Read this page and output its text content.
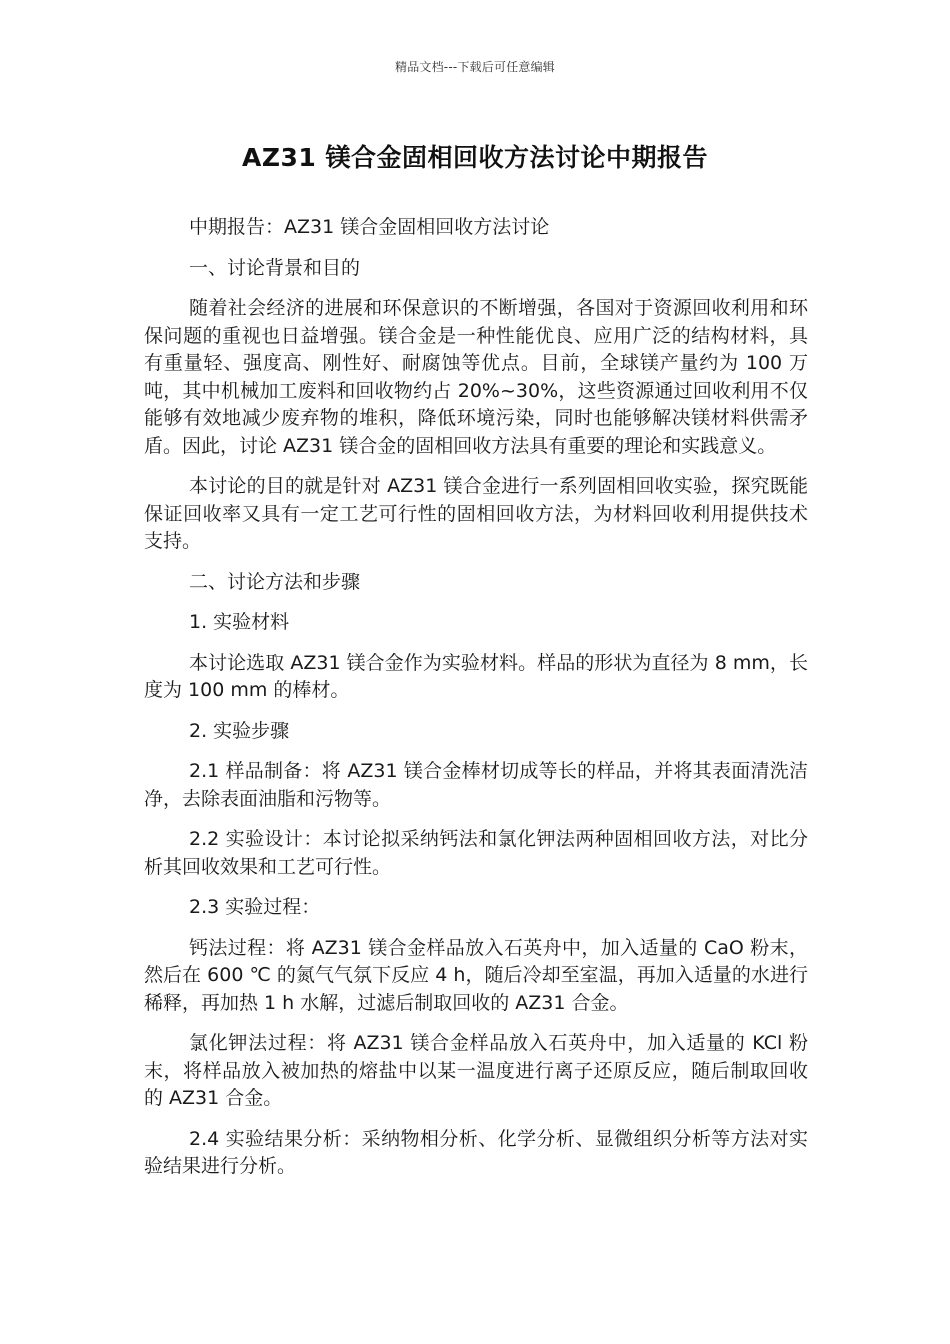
精品文档---下载后可任意编辑
AZ31 镁合金固相回收方法讨论中期报告

中期报告：AZ31 镁合金固相回收方法讨论

一、讨论背景和目的

随着社会经济的进展和环保意识的不断增强，各国对于资源回收利用和环保问题的重视也日益增强。镁合金是一种性能优良、应用广泛的结构材料，具有重量轻、强度高、刚性好、耐腐蚀等优点。目前，全球镁产量约为 100 万吨，其中机械加工废料和回收物约占 20%~30%，这些资源通过回收利用不仅能够有效地减少废弃物的堆积，降低环境污染，同时也能够解决镁材料供需矛盾。因此，讨论 AZ31 镁合金的固相回收方法具有重要的理论和实践意义。

本讨论的目的就是针对 AZ31 镁合金进行一系列固相回收实验，探究既能保证回收率又具有一定工艺可行性的固相回收方法，为材料回收利用提供技术支持。

二、讨论方法和步骤

1. 实验材料

本讨论选取 AZ31 镁合金作为实验材料。样品的形状为直径为 8 mm，长度为 100 mm 的棒材。

2. 实验步骤

2.1 样品制备：将 AZ31 镁合金棒材切成等长的样品，并将其表面清洗洁净，去除表面油脂和污物等。

2.2 实验设计：本讨论拟采纳钙法和氯化钾法两种固相回收方法，对比分析其回收效果和工艺可行性。

2.3 实验过程：

钙法过程：将 AZ31 镁合金样品放入石英舟中，加入适量的 CaO 粉末，然后在 600 ℃ 的氮气气氛下反应 4 h，随后冷却至室温，再加入适量的水进行稀释，再加热 1 h 水解，过滤后制取回收的 AZ31 合金。

氯化钾法过程：将 AZ31 镁合金样品放入石英舟中，加入适量的 KCl 粉末，将样品放入被加热的熔盐中以某一温度进行离子还原反应，随后制取回收的 AZ31 合金。

2.4 实验结果分析：采纳物相分析、化学分析、显微组织分析等方法对实验结果进行分析。
